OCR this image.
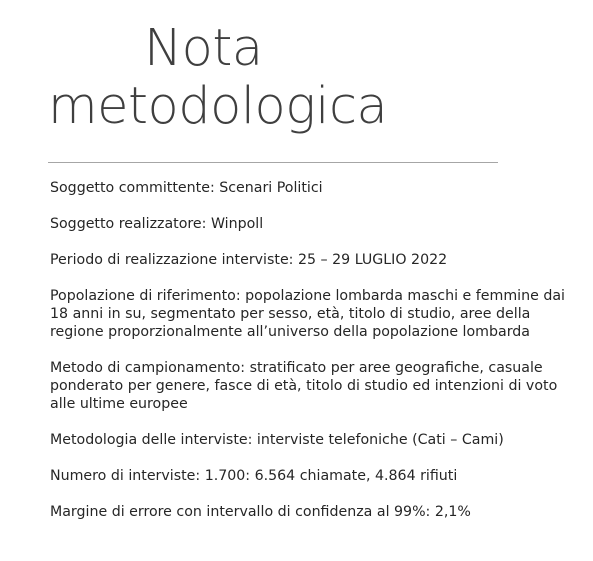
Nota
metodologica
Soggetto committente: Scenari Politici
Soggetto realizzatore: Winpoll
Periodo di realizzazione interviste: 25 – 29 LUGLIO 2022
Popolazione di riferimento: popolazione lombarda maschi e femmine dai
18 anni in su, segmentato per sesso, età, titolo di studio, aree della
regione proporzionalmente all’universo della popolazione lombarda
Metodo di campionamento: stratificato per aree geografiche, casuale
ponderato per genere, fasce di età, titolo di studio ed intenzioni di voto
alle ultime europee
Metodologia delle interviste: interviste telefoniche (Cati – Cami)
Numero di interviste: 1.700: 6.564 chiamate, 4.864 rifiuti
Margine di errore con intervallo di confidenza al 99%: 2,1%
